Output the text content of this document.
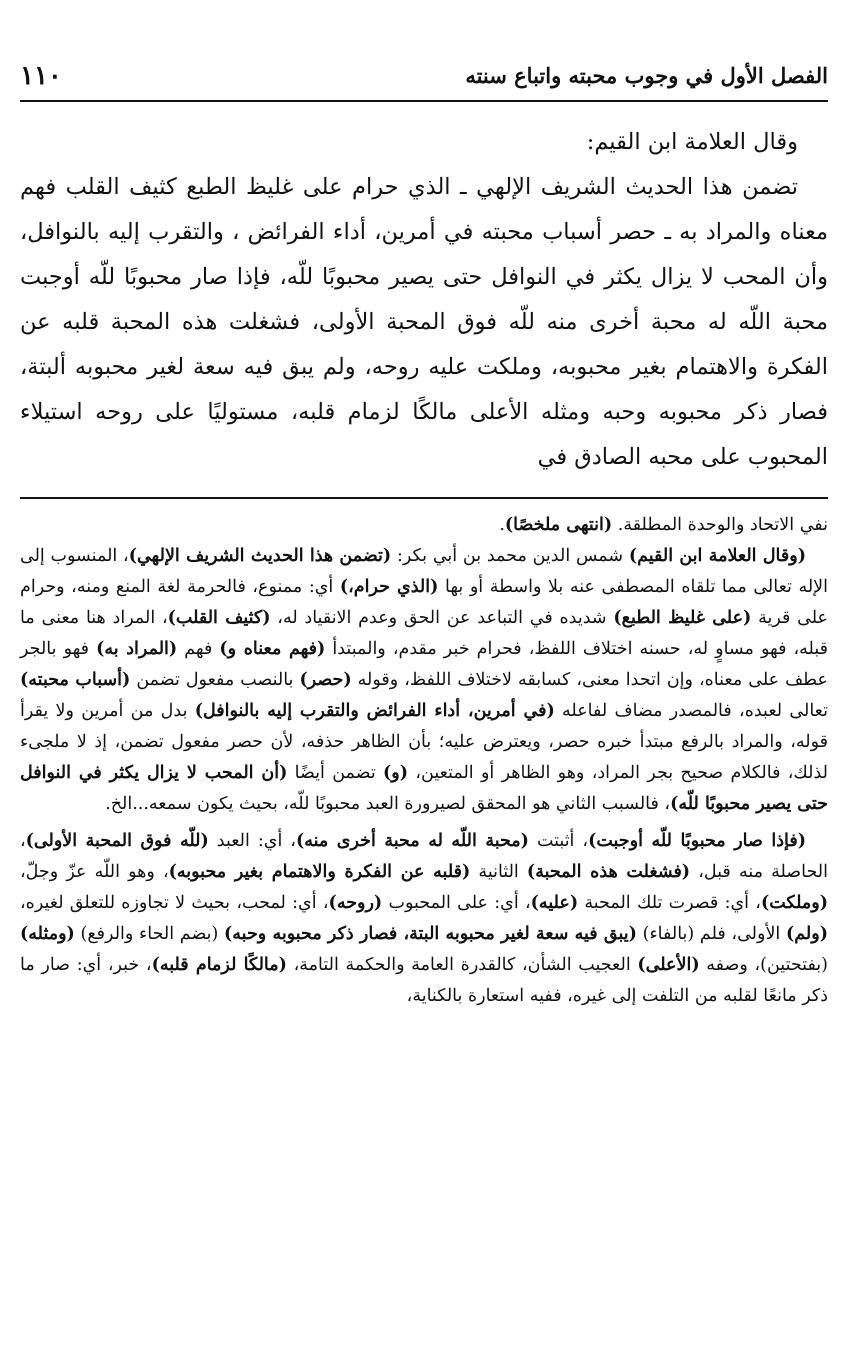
الفصل الأول في وجوب محبته واتباع سنته
١١٠

وقال العلامة ابن القيم:

تضمن هذا الحديث الشريف الإلهي ـ الذي حرام على غليظ الطبع كثيف القلب فهم معناه والمراد به ـ حصر أسباب محبته في أمرين، أداء الفرائض ، والتقرب إليه بالنوافل، وأن المحب لا يزال يكثر في النوافل حتى يصير محبوبًا للّه، فإذا صار محبوبًا للّه أوجبت محبة اللّه له محبة أخرى منه للّه فوق المحبة الأولى، فشغلت هذه المحبة قلبه عن الفكرة والاهتمام بغير محبوبه، وملكت عليه روحه، ولم يبق فيه سعة لغير محبوبه ألبتة، فصار ذكر محبوبه وحبه ومثله الأعلى مالكًا لزمام قلبه، مستوليًا على روحه استيلاء المحبوب على محبه الصادق في

نفي الاتحاد والوحدة المطلقة. (انتهى ملخصًا).

(وقال العلامة ابن القيم) شمس الدين محمد بن أبي بكر: (تضمن هذا الحديث الشريف الإلهي)، المنسوب إلى الإله تعالى مما تلقاه المصطفى عنه بلا واسطة أو بها (الذي حرام،) أي: ممنوع، فالحرمة لغة المنع ومنه، وحرام على قرية (على غليظ الطبع) شديده في التباعد عن الحق وعدم الانقياد له، (كثيف القلب)، المراد هنا معنى ما قبله، فهو مساوٍ له، حسنه اختلاف اللفظ، فحرام خبر مقدم، والمبتدأ (فهم معناه و) فهم (المراد به) فهو بالجر عطف على معناه، وإن اتحدا معنى، كسابقه لاختلاف اللفظ، وقوله (حصر) بالنصب مفعول تضمن (أسباب محبته) تعالى لعبده، فالمصدر مضاف لفاعله (في أمرين، أداء الفرائض والتقرب إليه بالنوافل) بدل من أمرين ولا يقرأ قوله، والمراد بالرفع مبتدأ خبره حصر، ويعترض عليه؛ بأن الظاهر حذفه، لأن حصر مفعول تضمن، إذ لا ملجىء لذلك، فالكلام صحيح بجر المراد، وهو الظاهر أو المتعين، (و) تضمن أيضًا (أن المحب لا يزال يكثر في النوافل حتى يصير محبوبًا للّه)، فالسبب الثاني هو المحقق لصيرورة العبد محبوبًا للّه، بحيث يكون سمعه...الخ.

(فإذا صار محبوبًا للّه أوجبت)، أثبتت (محبة اللّه له محبة أخرى منه)، أي: العبد (للّه فوق المحبة الأولى)، الحاصلة منه قبل، (فشغلت هذه المحبة) الثانية (قلبه عن الفكرة والاهتمام بغير محبوبه)، وهو اللّه عزّ وجلّ، (وملكت)، أي: قصرت تلك المحبة (عليه)، أي: على المحبوب (روحه)، أي: لمحب، بحيث لا تجاوزه للتعلق لغيره، (ولم) الأولى، فلم (بالفاء) (يبق فيه سعة لغير محبوبه البتة، فصار ذكر محبوبه وحبه) (بضم الحاء والرفع) (ومثله) (بفتحتين)، وصفه (الأعلى) العجيب الشأن، كالقدرة العامة والحكمة التامة، (مالكًا لزمام قلبه)، خبر، أي: صار ما ذكر مانعًا لقلبه من التلفت إلى غيره، ففيه استعارة بالكناية،
